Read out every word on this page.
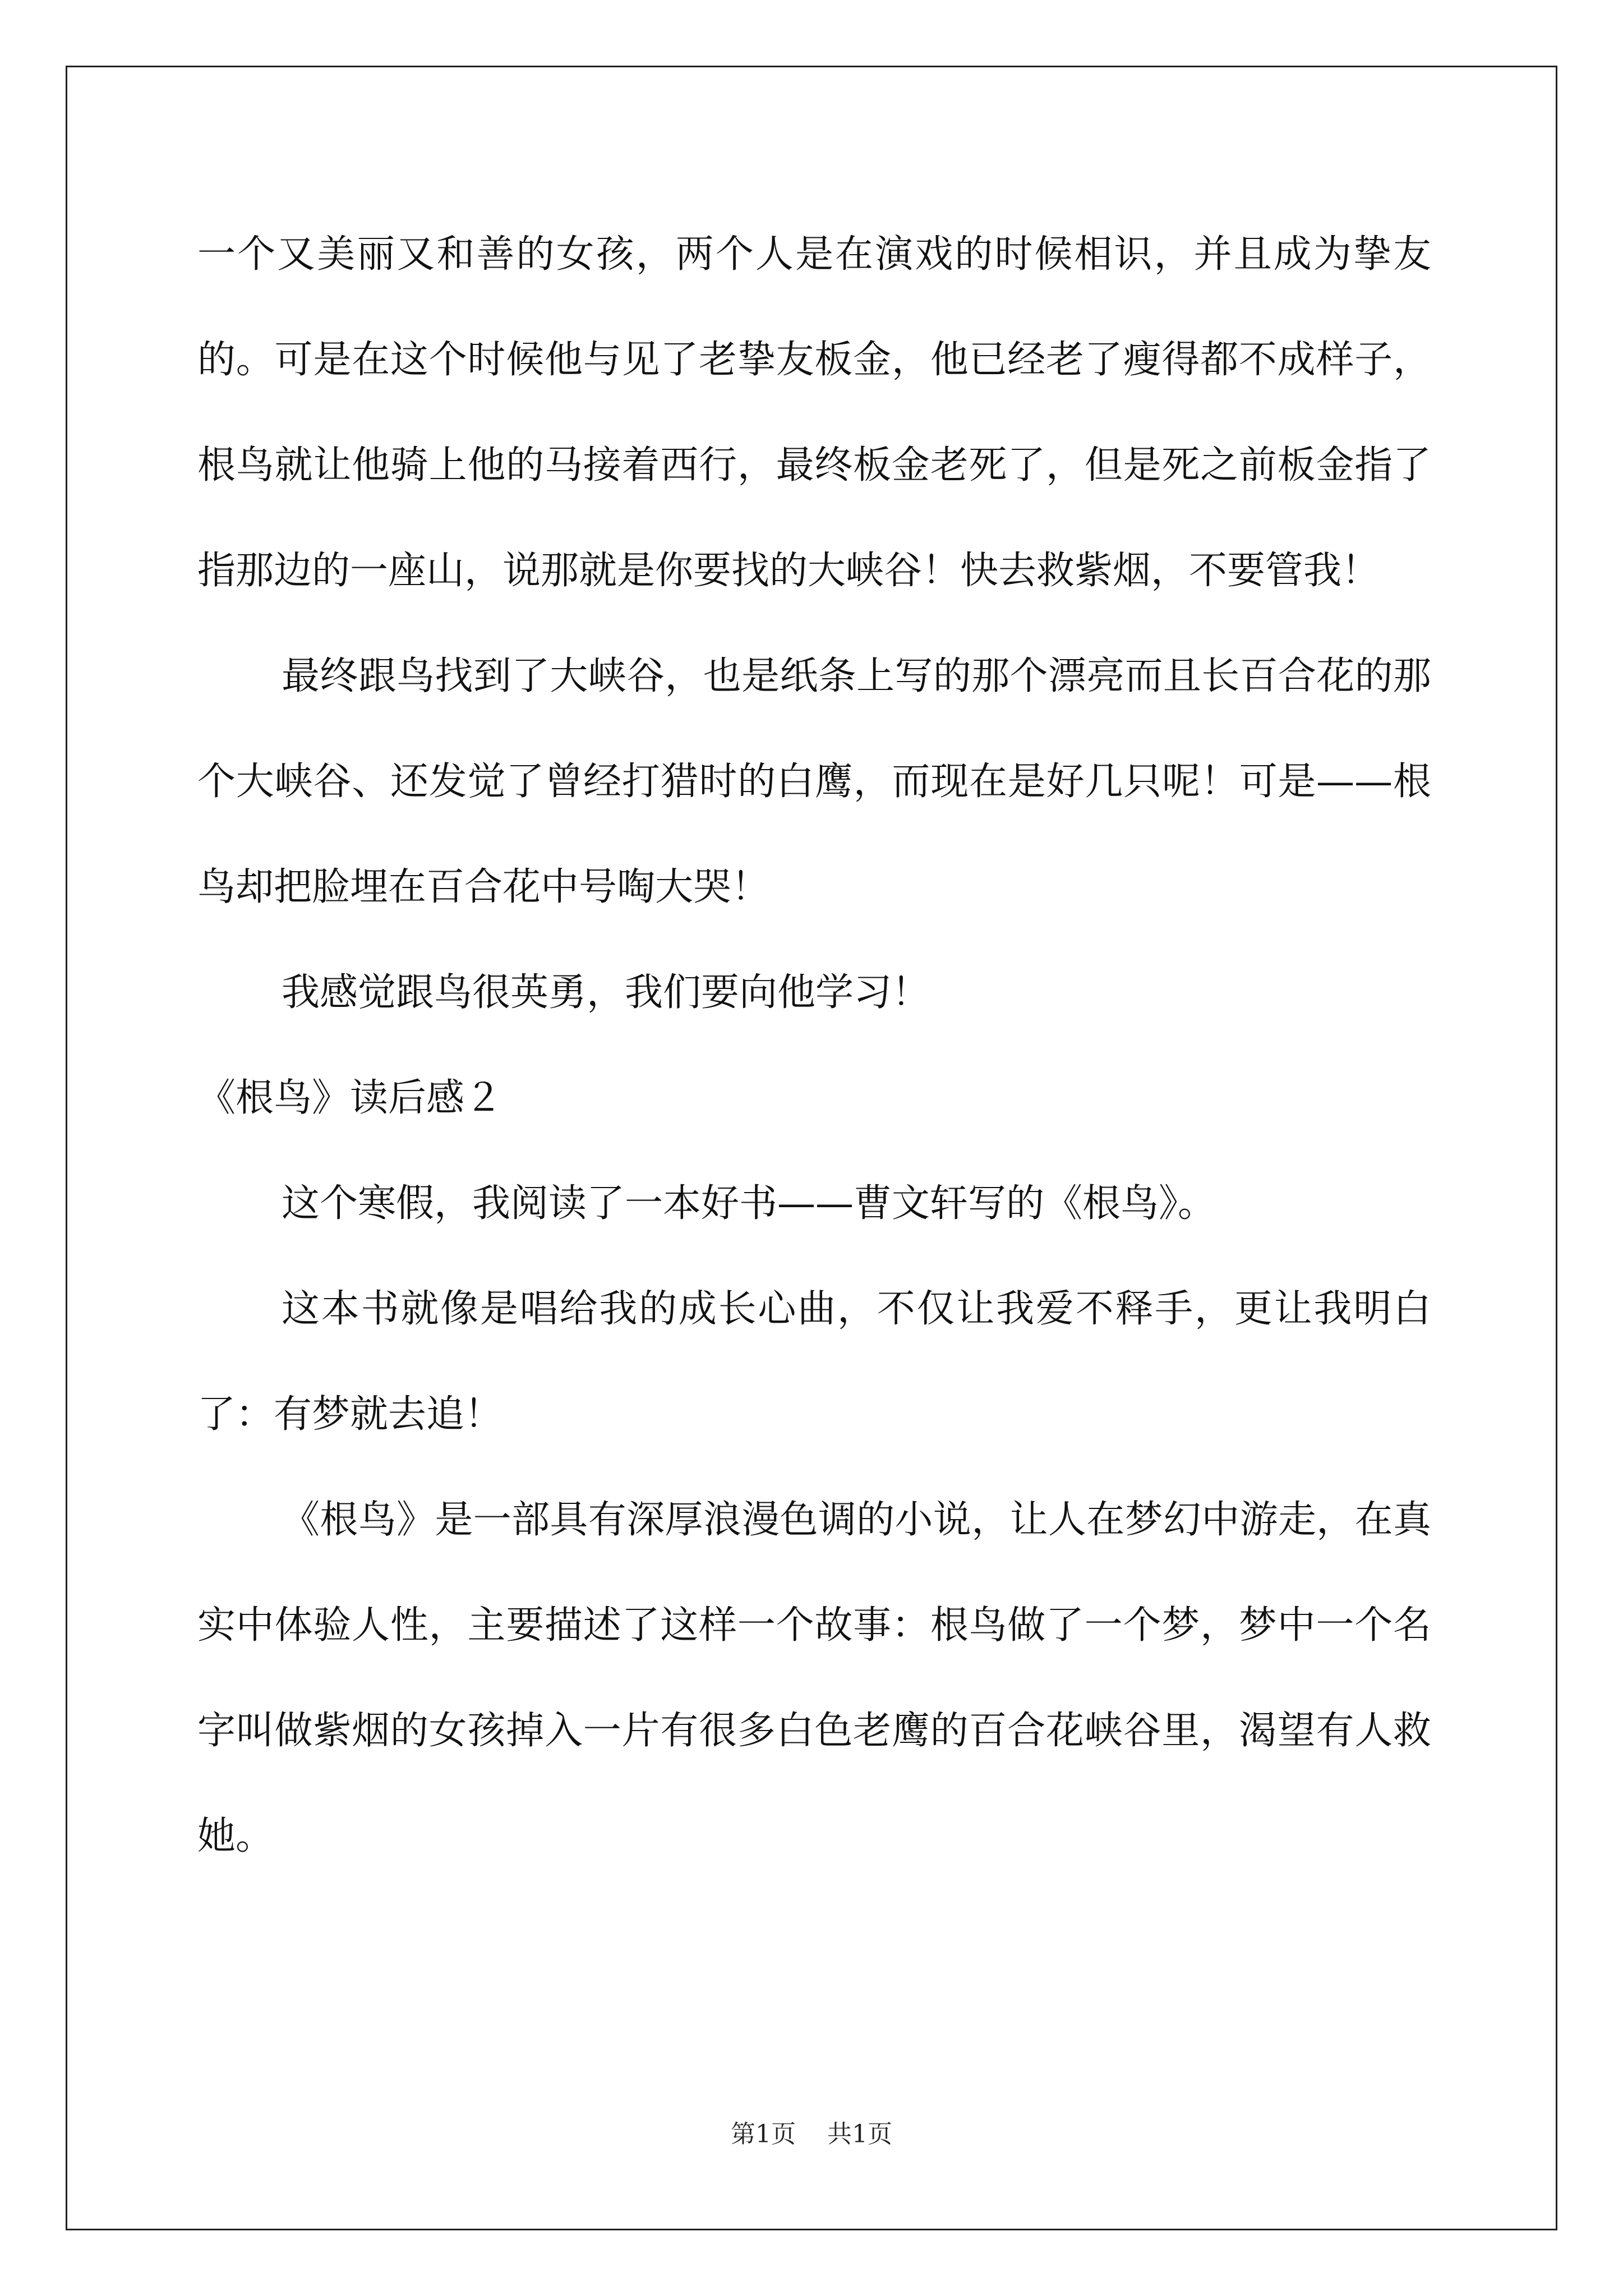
一个又美丽又和善的女孩，两个人是在演戏的时候相识，并且成为挚友的。可是在这个时候他与见了老挚友板金，他已经老了瘦得都不成样子，根鸟就让他骑上他的马接着西行，最终板金老死了，但是死之前板金指了指那边的一座山，说那就是你要找的大峡谷！快去救紫烟，不要管我！

最终跟鸟找到了大峡谷，也是纸条上写的那个漂亮而且长百合花的那个大峡谷、还发觉了曾经打猎时的白鹰，而现在是好几只呢！可是——根鸟却把脸埋在百合花中号啕大哭！

我感觉跟鸟很英勇，我们要向他学习！

《根鸟》读后感２

这个寒假，我阅读了一本好书——曹文轩写的《根鸟》。

这本书就像是唱给我的成长心曲，不仅让我爱不释手，更让我明白了：有梦就去追！

《根鸟》是一部具有深厚浪漫色调的小说，让人在梦幻中游走，在真实中体验人性，主要描述了这样一个故事：根鸟做了一个梦，梦中一个名字叫做紫烟的女孩掉入一片有很多白色老鹰的百合花峡谷里，渴望有人救她。

第1页 共1页
